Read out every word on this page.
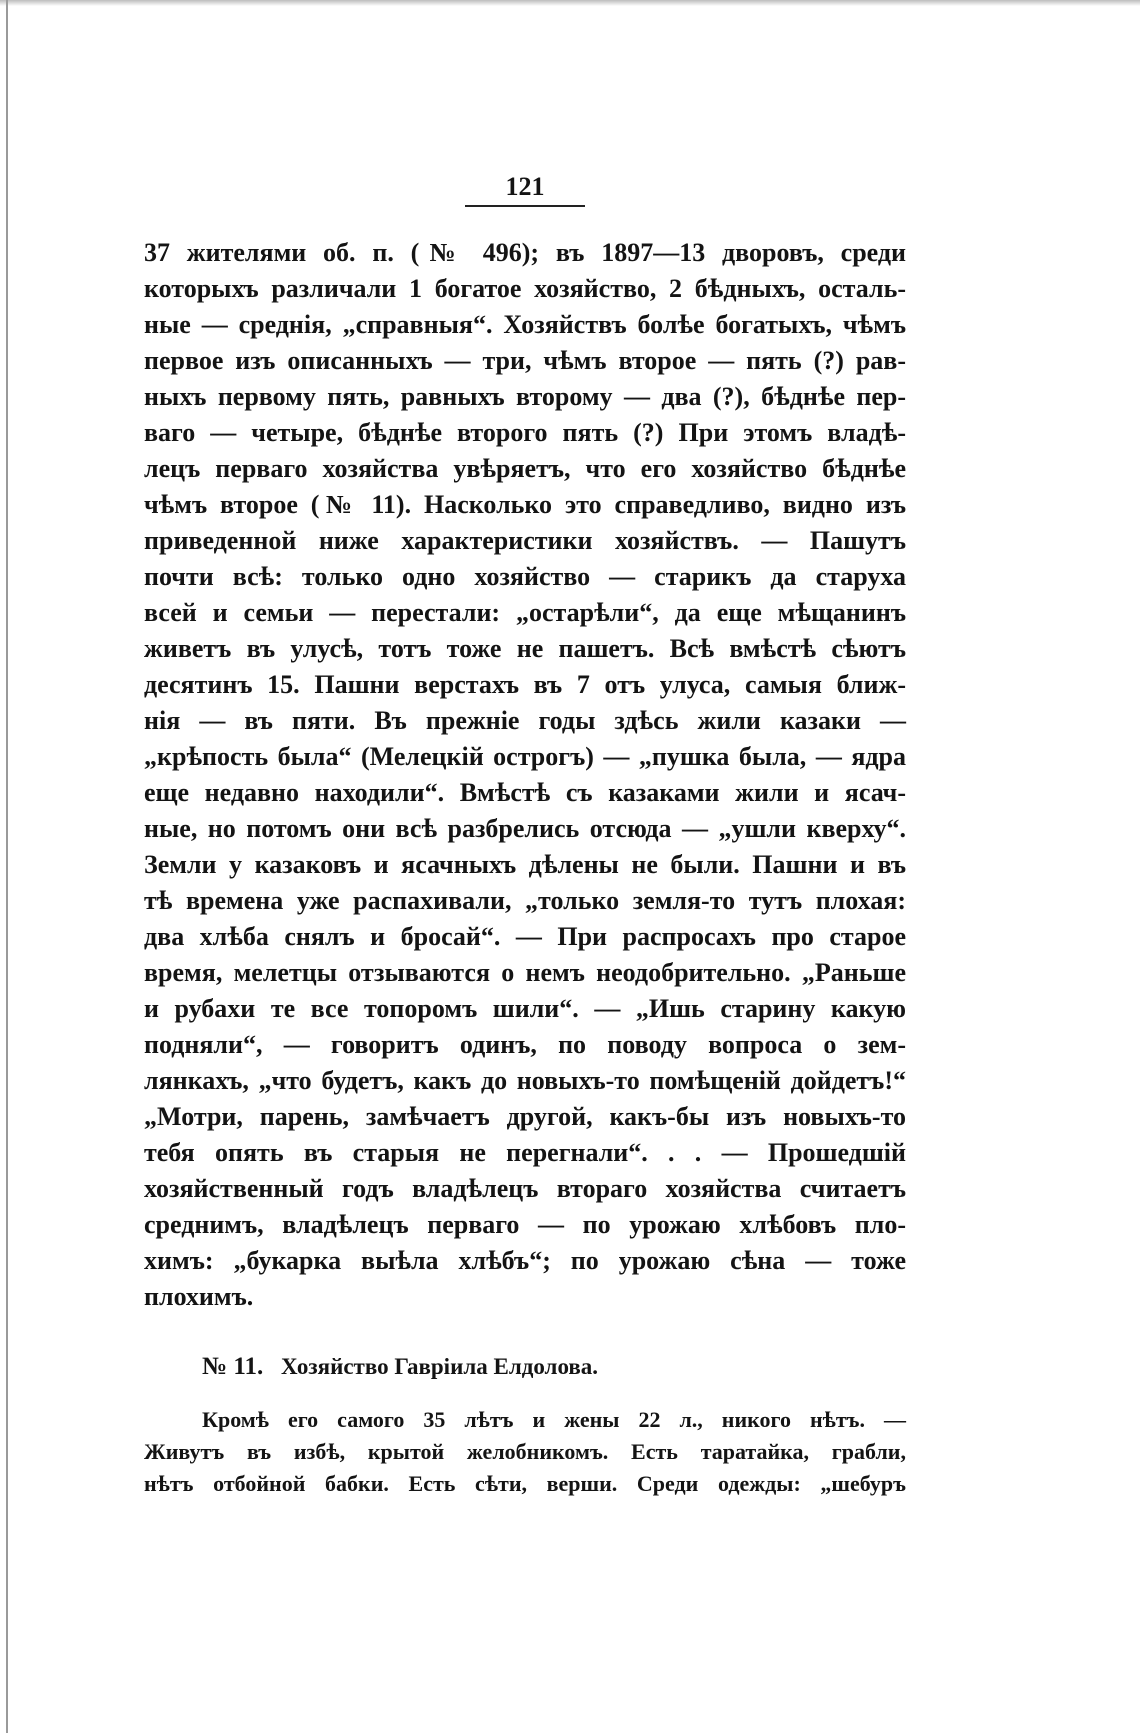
121
37 жителями об. п. (№ 496); въ 1897—13 дворовъ, среди
которыхъ различали 1 богатое хозяйство, 2 бѣдныхъ, осталь-
ные — среднія, „справныя“. Хозяйствъ болѣе богатыхъ, чѣмъ
первое изъ описанныхъ — три, чѣмъ второе — пять (?) рав-
ныхъ первому пять, равныхъ второму — два (?), бѣднѣе пер-
ваго — четыре, бѣднѣе второго пять (?) При этомъ владѣ-
лецъ перваго хозяйства увѣряетъ, что его хозяйство бѣднѣе
чѣмъ второе (№ 11). Насколько это справедливо, видно изъ
приведенной ниже характеристики хозяйствъ. — Пашутъ
почти всѣ: только одно хозяйство — старикъ да старуха
всей и семьи — перестали: „остарѣли“, да еще мѣщанинъ
живетъ въ улусѣ, тотъ тоже не пашетъ. Всѣ вмѣстѣ сѣютъ
десятинъ 15. Пашни верстахъ въ 7 отъ улуса, самыя ближ-
нія — въ пяти. Въ прежніе годы здѣсь жили казаки —
„крѣпость была“ (Мелецкій острогъ) — „пушка была, — ядра
еще недавно находили“. Вмѣстѣ съ казаками жили и ясач-
ные, но потомъ они всѣ разбрелись отсюда — „ушли кверху“.
Земли у казаковъ и ясачныхъ дѣлены не были. Пашни и въ
тѣ времена уже распахивали, „только земля-то тутъ плохая:
два хлѣба снялъ и бросай“. — При распросахъ про старое
время, мелетцы отзываются о немъ неодобрительно. „Раньше
и рубахи те все топоромъ шили“. — „Ишь старину какую
подняли“, — говоритъ одинъ, по поводу вопроса о зем-
лянкахъ, „что будетъ, какъ до новыхъ-то помѣщеній дойдетъ!“
„Мотри, парень, замѣчаетъ другой, какъ-бы изъ новыхъ-то
тебя опять въ старыя не перегнали“. . . — Прошедшій
хозяйственный годъ владѣлецъ втораго хозяйства считаетъ
среднимъ, владѣлецъ перваго — по урожаю хлѣбовъ пло-
химъ: „букарка выѣла хлѣбъ“; по урожаю сѣна — тоже
плохимъ.
№ 11. Хозяйство Гавріила Елдолова.
Кромѣ его самого 35 лѣтъ и жены 22 л., никого нѣтъ. —
Живутъ въ избѣ, крытой желобникомъ. Есть таратайка, грабли,
нѣтъ отбойной бабки. Есть сѣти, верши. Среди одежды: „шебуръ
